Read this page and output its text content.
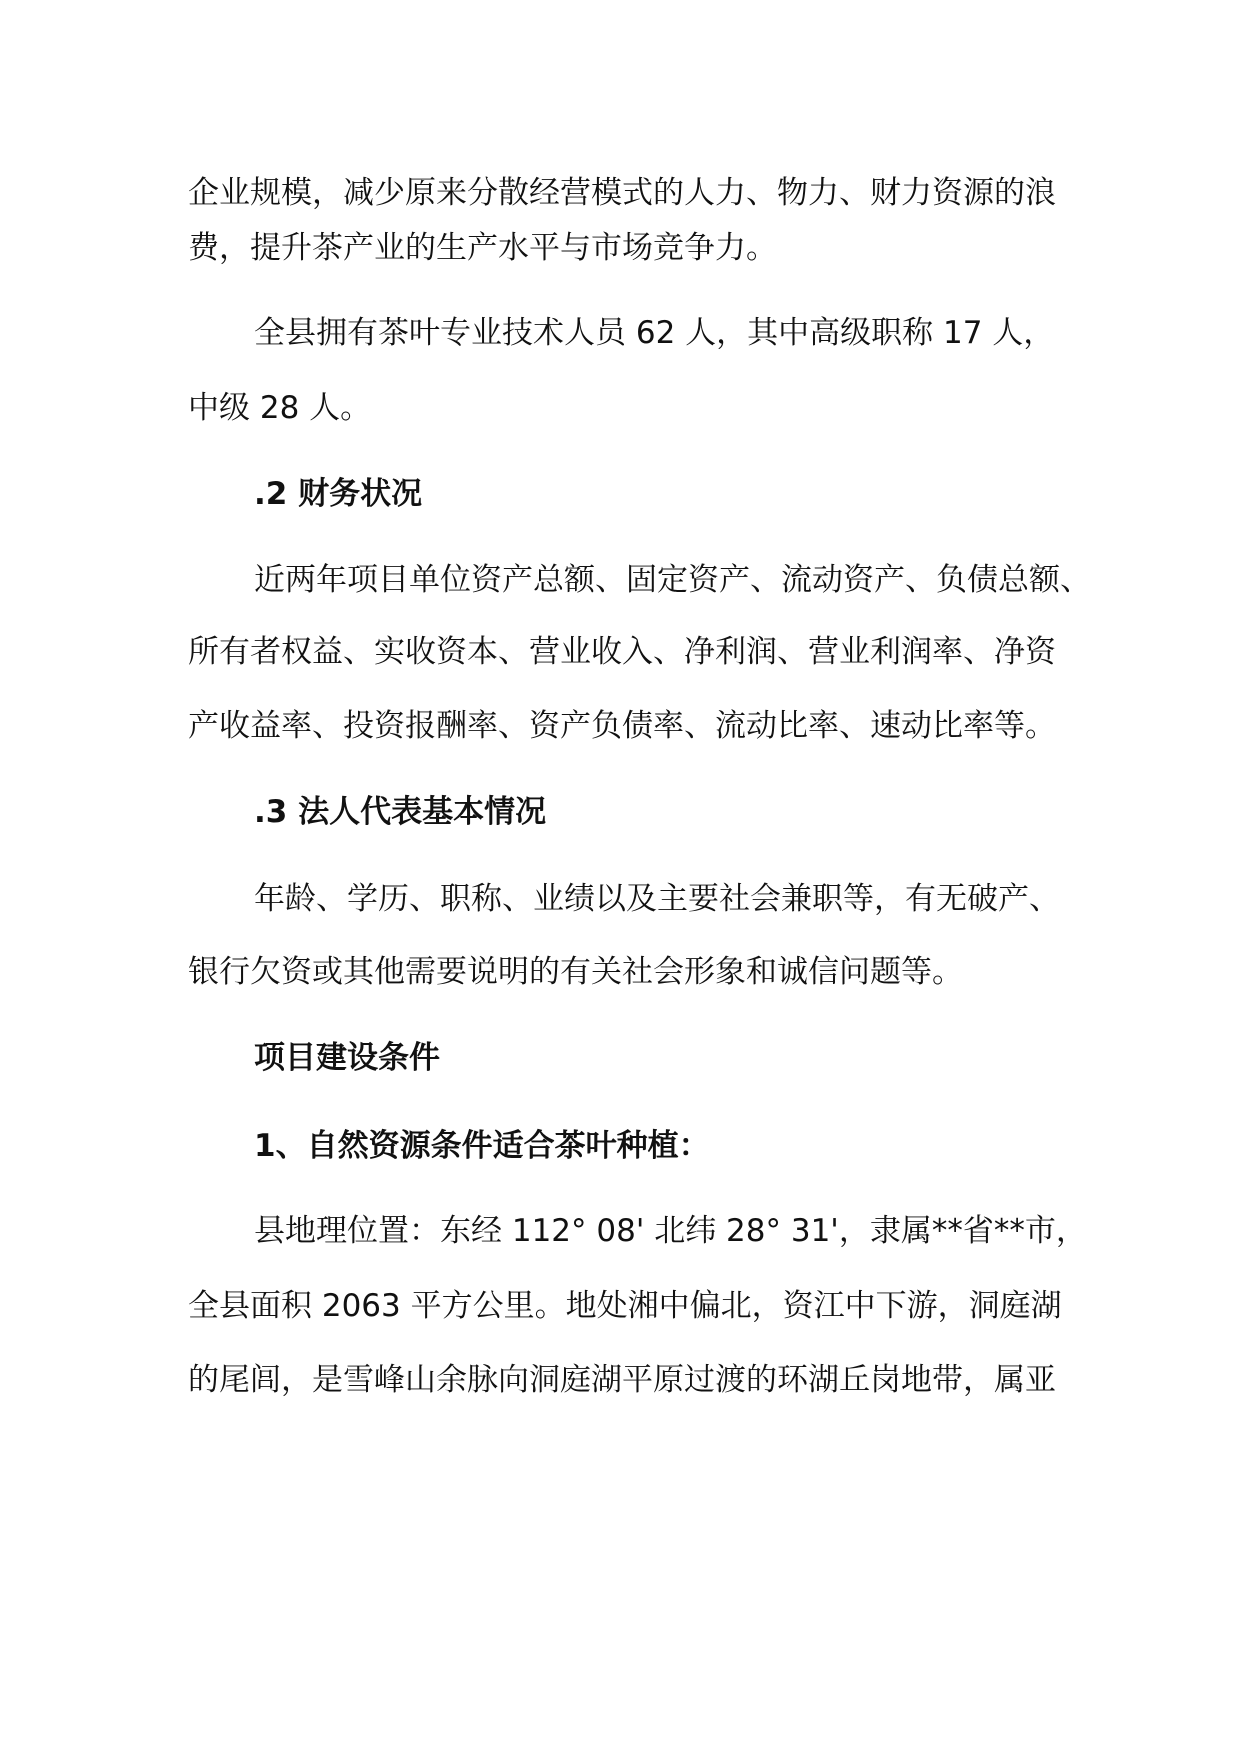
企业规模，减少原来分散经营模式的人力、物力、财力资源的浪
费，提升茶产业的生产水平与市场竞争力。
全县拥有茶叶专业技术人员 62 人，其中高级职称 17 人，
中级 28 人。
.2 财务状况
近两年项目单位资产总额、固定资产、流动资产、负债总额、
所有者权益、实收资本、营业收入、净利润、营业利润率、净资
产收益率、投资报酬率、资产负债率、流动比率、速动比率等。
.3 法人代表基本情况
年龄、学历、职称、业绩以及主要社会兼职等，有无破产、
银行欠资或其他需要说明的有关社会形象和诚信问题等。
项目建设条件
1、自然资源条件适合茶叶种植：
县地理位置：东经 112° 08' 北纬 28° 31'，隶属**省**市，
全县面积 2063 平方公里。地处湘中偏北，资江中下游，洞庭湖
的尾闾，是雪峰山余脉向洞庭湖平原过渡的环湖丘岗地带，属亚
